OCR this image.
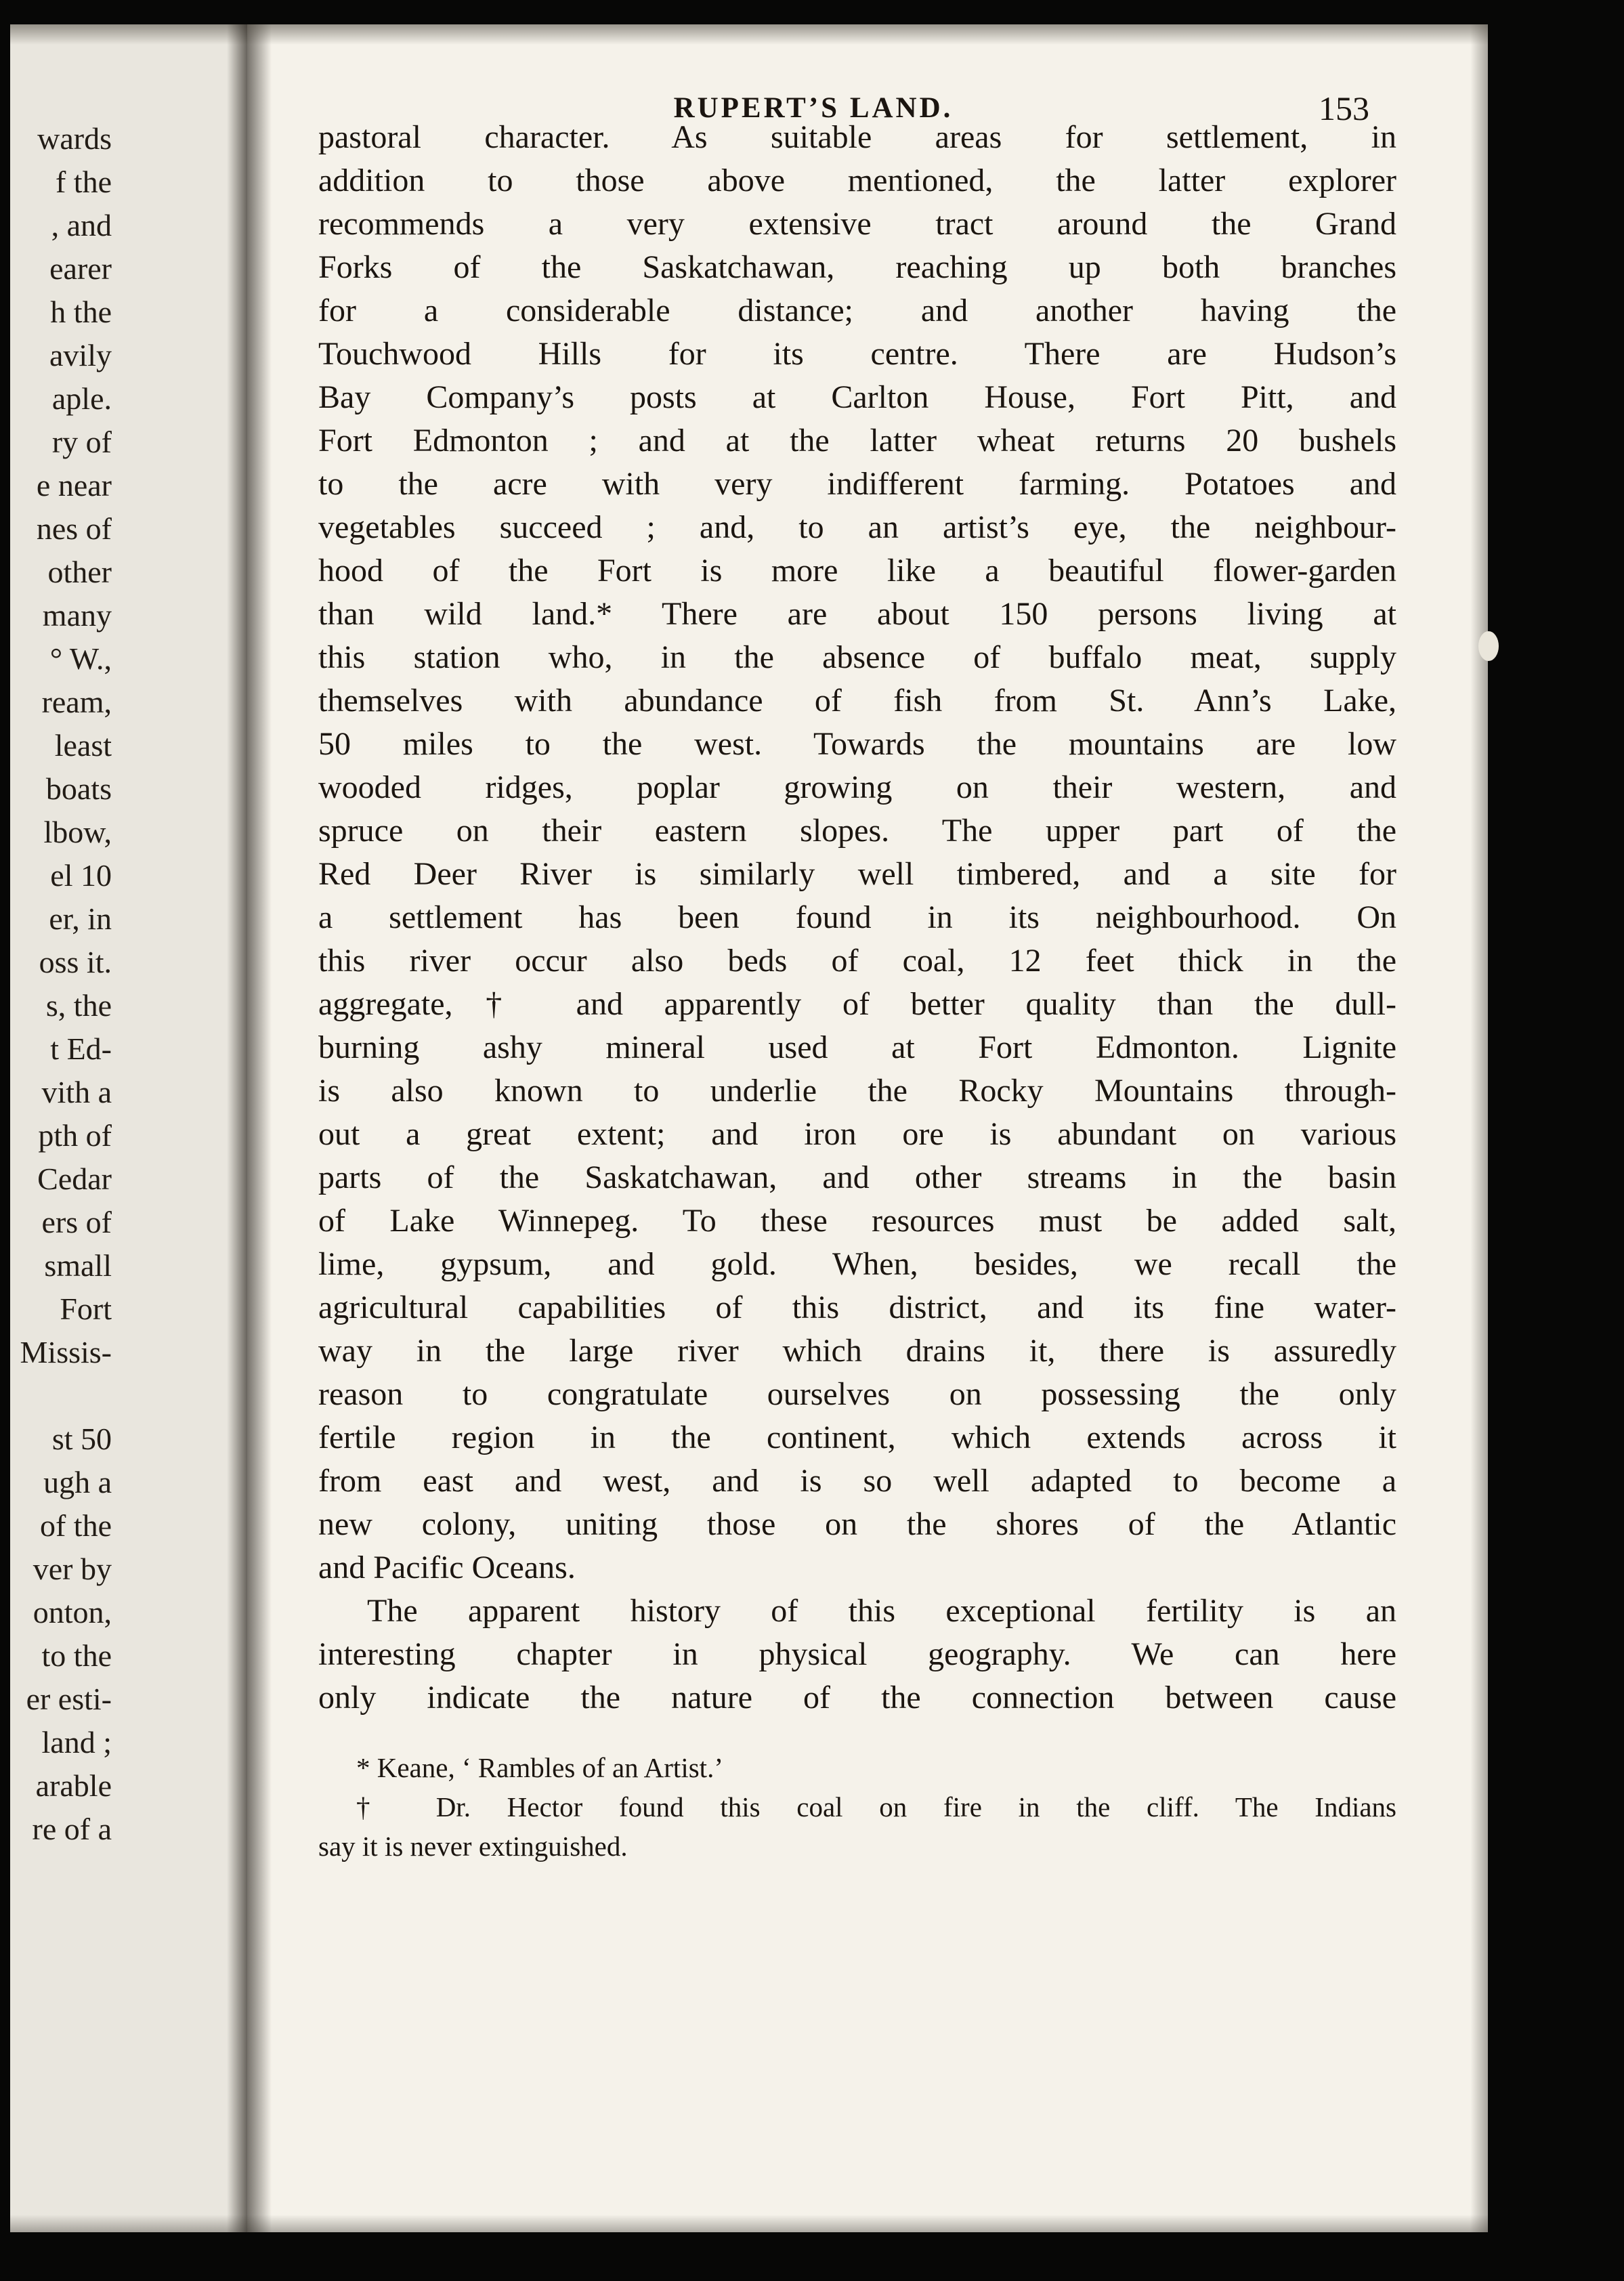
wards
f the
, and
earer
h the
avily
aple.
ry of
e near
nes of
other
many
° W.,
ream,
least
boats
lbow,
el 10
er, in
oss it.
s, the
t Ed-
vith a
pth of
Cedar
ers of
small
Fort
Missis-
st 50
ugh a
of the
ver by
onton,
to the
er esti-
land ;
arable
re of a
RUPERT’S LAND.	153
pastoral character. As suitable areas for settlement, in
addition to those above mentioned, the latter explorer
recommends a very extensive tract around the Grand
Forks of the Saskatchawan, reaching up both branches
for a considerable distance; and another having the
Touchwood Hills for its centre. There are Hudson’s
Bay Company’s posts at Carlton House, Fort Pitt, and
Fort Edmonton ; and at the latter wheat returns 20 bushels
to the acre with very indifferent farming. Potatoes and
vegetables succeed ; and, to an artist’s eye, the neighbour-
hood of the Fort is more like a beautiful flower-garden
than wild land.* There are about 150 persons living at
this station who, in the absence of buffalo meat, supply
themselves with abundance of fish from St. Ann’s Lake,
50 miles to the west. Towards the mountains are low
wooded ridges, poplar growing on their western, and
spruce on their eastern slopes. The upper part of the
Red Deer River is similarly well timbered, and a site for
a settlement has been found in its neighbourhood. On
this river occur also beds of coal, 12 feet thick in the
aggregate,† and apparently of better quality than the dull-
burning ashy mineral used at Fort Edmonton. Lignite
is also known to underlie the Rocky Mountains through-
out a great extent; and iron ore is abundant on various
parts of the Saskatchawan, and other streams in the basin
of Lake Winnepeg. To these resources must be added salt,
lime, gypsum, and gold. When, besides, we recall the
agricultural capabilities of this district, and its fine water-
way in the large river which drains it, there is assuredly
reason to congratulate ourselves on possessing the only
fertile region in the continent, which extends across it
from east and west, and is so well adapted to become a
new colony, uniting those on the shores of the Atlantic
and Pacific Oceans.
The apparent history of this exceptional fertility is an
interesting chapter in physical geography. We can here
only indicate the nature of the connection between cause
* Keane, ‘ Rambles of an Artist.’
† Dr. Hector found this coal on fire in the cliff. The Indians
say it is never extinguished.
